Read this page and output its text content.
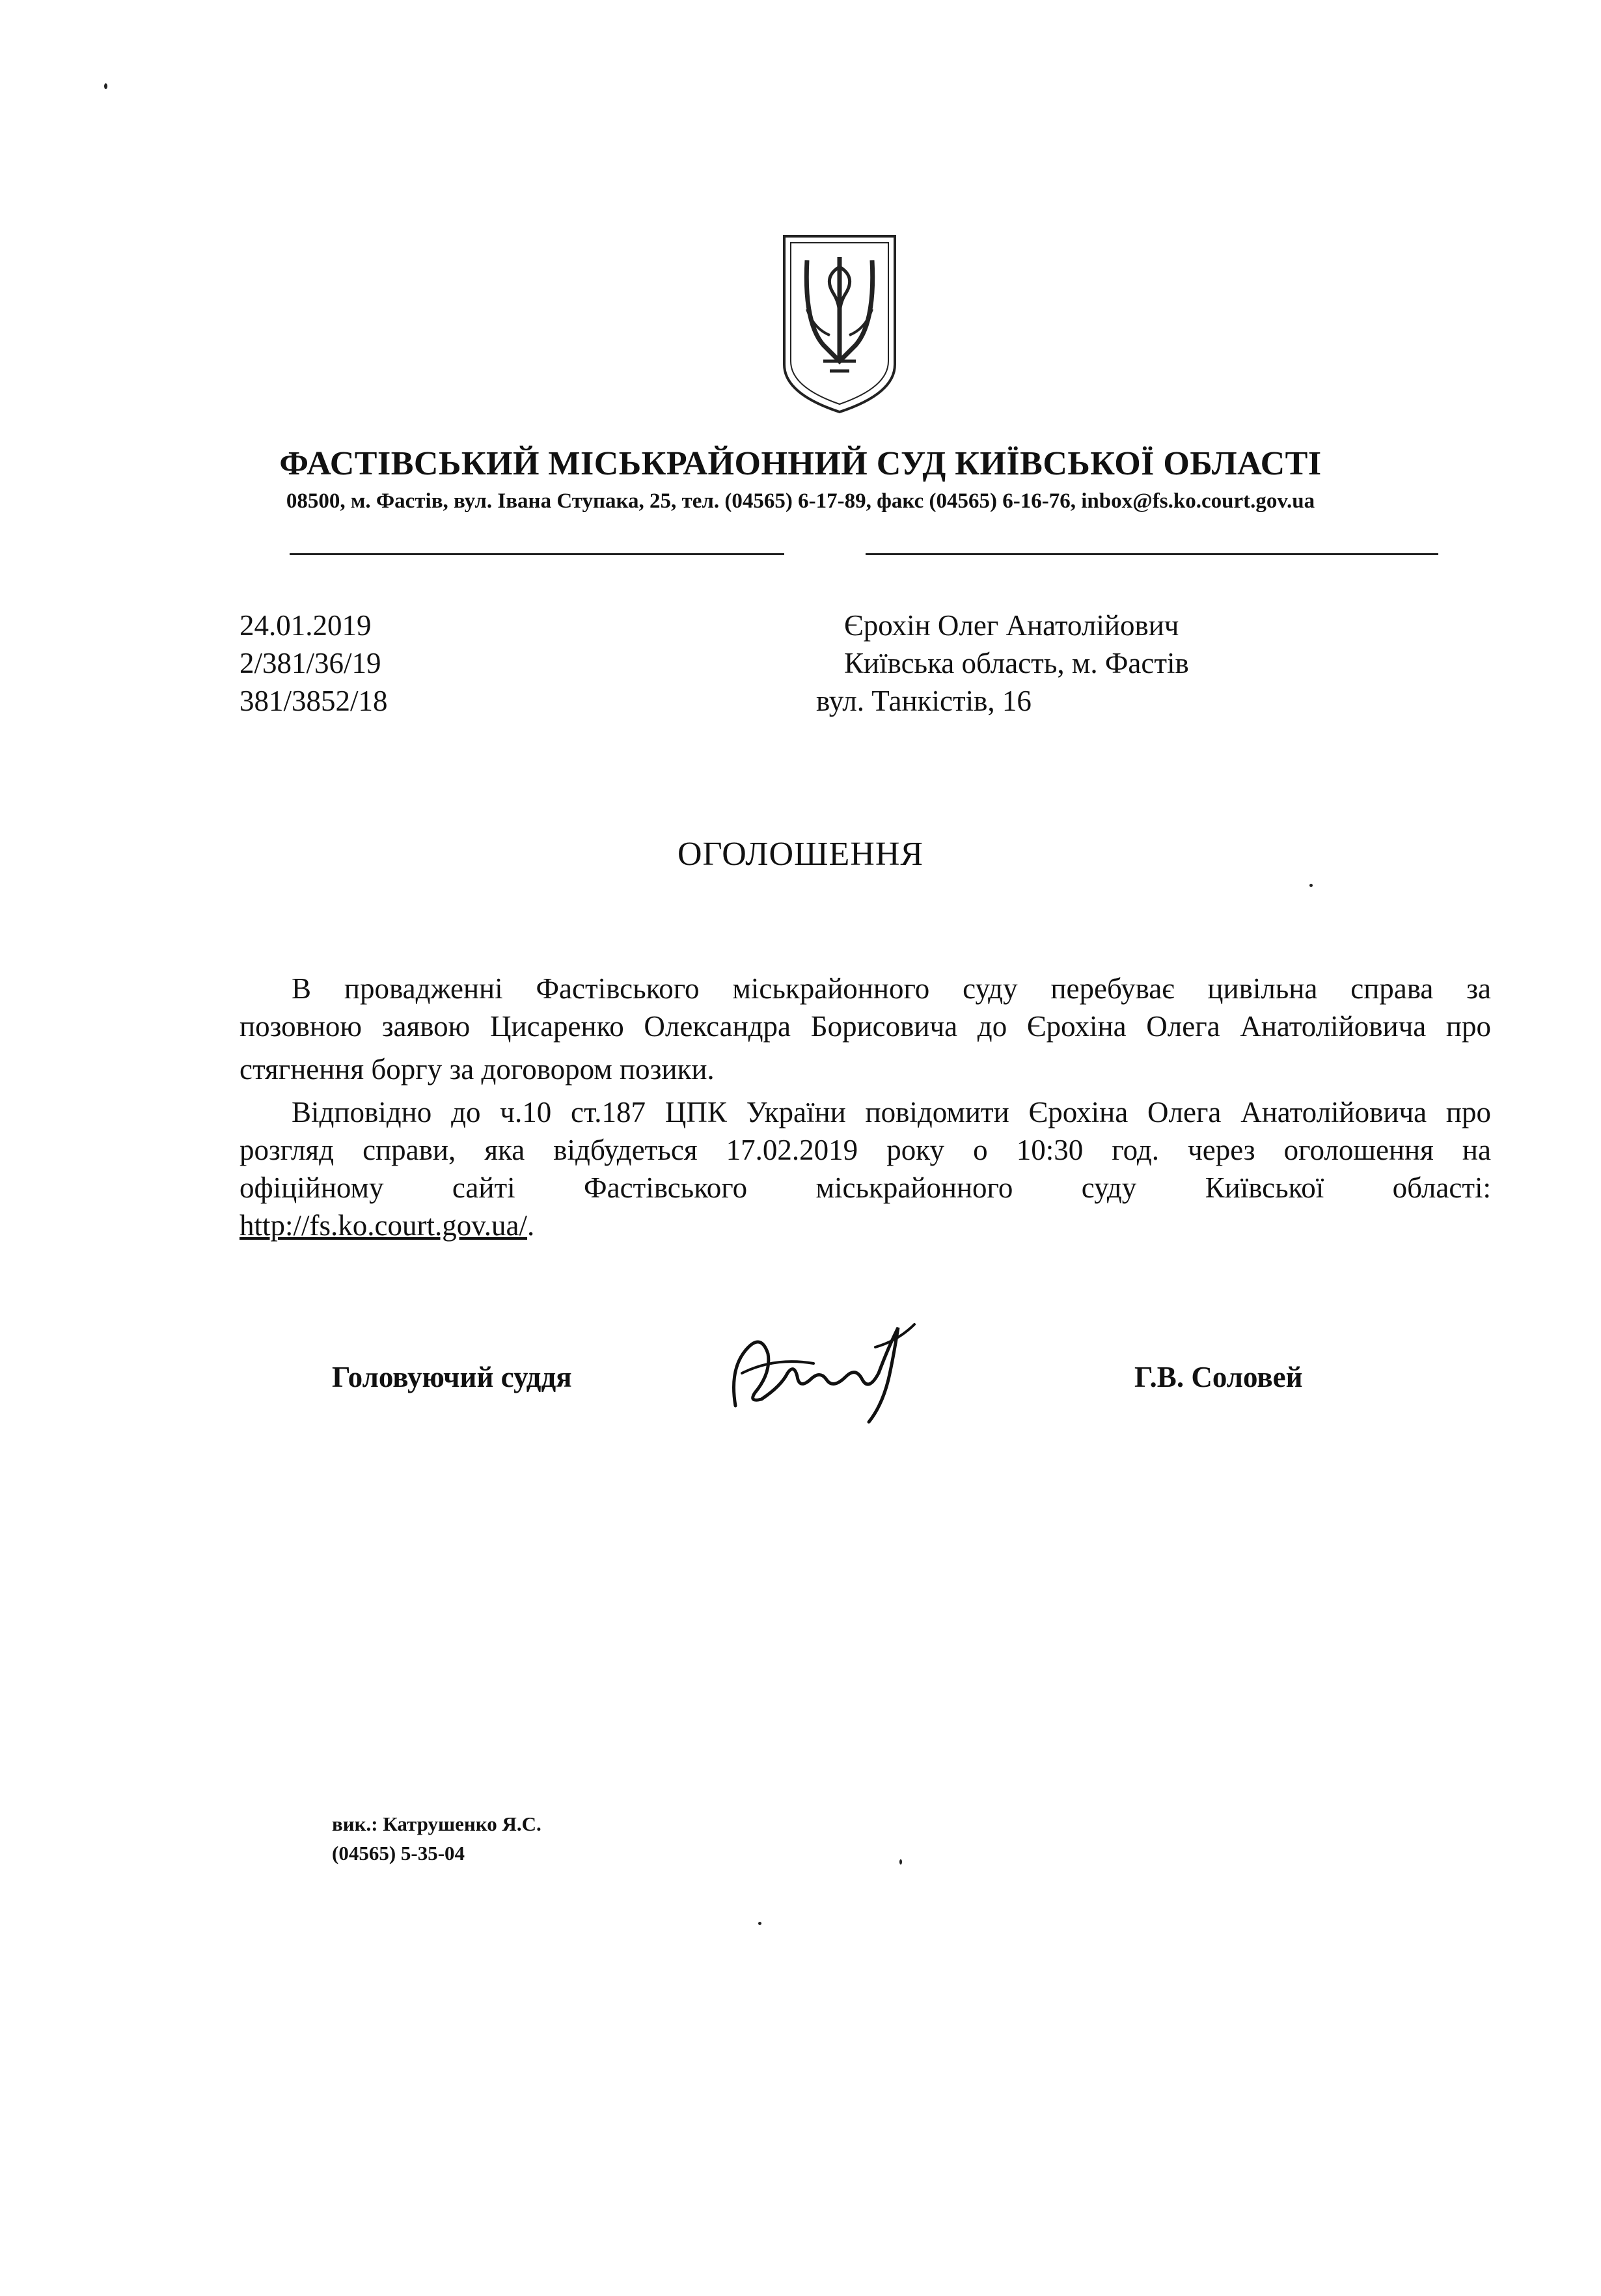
ФАСТІВСЬКИЙ МІСЬКРАЙОННИЙ СУД КИЇВСЬКОЇ ОБЛАСТІ
08500, м. Фастів, вул. Івана Ступака, 25, тел. (04565) 6-17-89, факс (04565) 6-16-76, inbox@fs.ko.court.gov.ua
24.01.2019
2/381/36/19
381/3852/18
Єрохін Олег Анатолійович
Київська область, м. Фастів
вул. Танкістів, 16
ОГОЛОШЕННЯ
В провадженні Фастівського міськрайонного суду перебуває цивільна справа за
позовною заявою Цисаренко Олександра Борисовича до Єрохіна Олега Анатолійовича про
стягнення боргу за договором позики.
Відповідно до ч.10 ст.187 ЦПК України повідомити Єрохіна Олега Анатолійовича про
розгляд справи, яка відбудеться 17.02.2019 року о 10:30 год. через оголошення на
офіційному сайті Фастівського міськрайонного суду Київської області:
http://fs.ko.court.gov.ua/.
Головуючий суддя	Г.В. Соловей
вик.: Катрушенко Я.С.
(04565) 5-35-04
